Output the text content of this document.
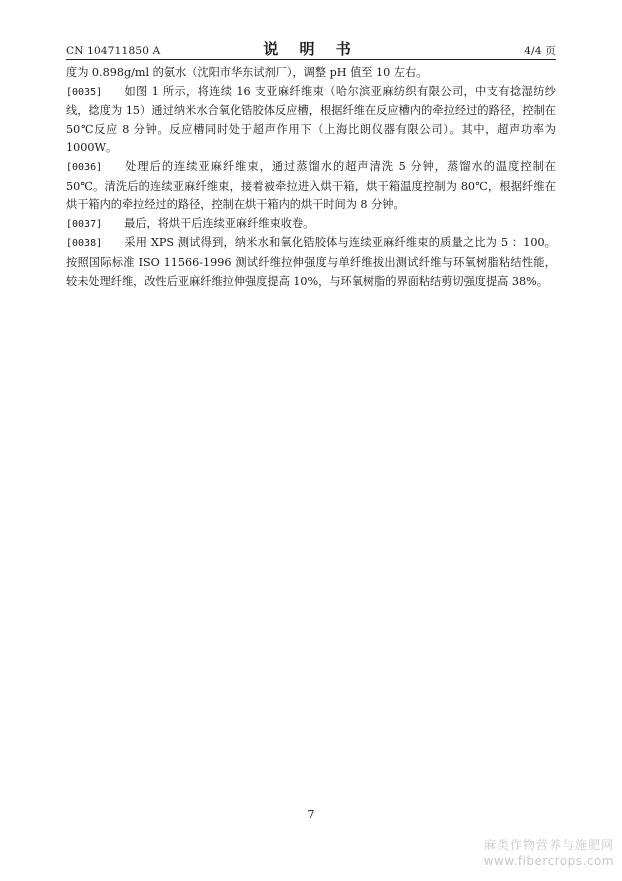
CN 104711850 A	说 明 书	4/4 页

度为 0.898g/ml 的氨水（沈阳市华东试剂厂），调整 pH 值至 10 左右。

[0035] 如图 1 所示，将连续 16 支亚麻纤维束（哈尔滨亚麻纺织有限公司，中支有捻湿纺纱线，捻度为 15）通过纳米水合氧化锆胶体反应槽，根据纤维在反应槽内的牵拉经过的路径，控制在 50℃反应 8 分钟。反应槽同时处于超声作用下（上海比朗仪器有限公司）。其中，超声功率为 1000W。

[0036] 处理后的连续亚麻纤维束，通过蒸馏水的超声清洗 5 分钟，蒸馏水的温度控制在 50℃。清洗后的连续亚麻纤维束，接着被牵拉进入烘干箱，烘干箱温度控制为 80℃，根据纤维在烘干箱内的牵拉经过的路径，控制在烘干箱内的烘干时间为 8 分钟。

[0037] 最后，将烘干后连续亚麻纤维束收卷。

[0038] 采用 XPS 测试得到，纳米水和氧化锆胶体与连续亚麻纤维束的质量之比为 5 ：100。按照国际标准 ISO 11566-1996 测试纤维拉伸强度与单纤维拔出测试纤维与环氧树脂粘结性能，较未处理纤维，改性后亚麻纤维拉伸强度提高 10%，与环氧树脂的界面粘结剪切强度提高 38%。

7
麻类作物营养与施肥网
www.fibercrops.com
